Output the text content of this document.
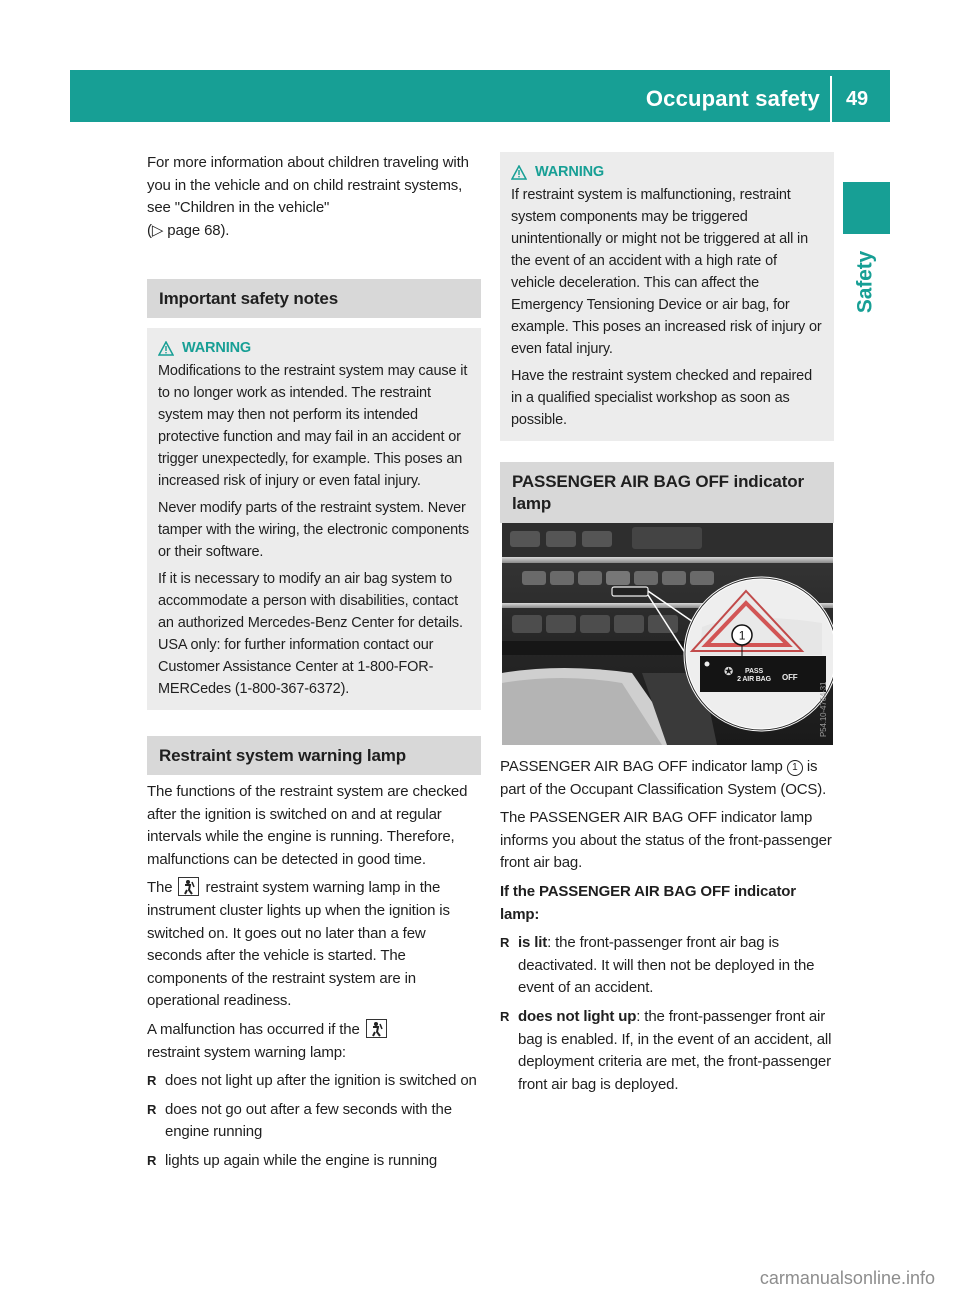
Occupant safety 49
Safety

For more information about children traveling with you in the vehicle and on child restraint systems, see "Children in the vehicle"
(▷ page 68).

Important safety notes
WARNING

Modifications to the restraint system may cause it to no longer work as intended. The restraint system may then not perform its intended protective function and may fail in an accident or trigger unexpectedly, for example. This poses an increased risk of injury or even fatal injury.

Never modify parts of the restraint system. Never tamper with the wiring, the electronic components or their software.

If it is necessary to modify an air bag system to accommodate a person with disabilities, contact an authorized Mercedes-Benz Center for details. USA only: for further information contact our Customer Assistance Center at 1-800-FOR-MERCedes (1-800-367-6372).

Restraint system warning lamp

The functions of the restraint system are checked after the ignition is switched on and at regular intervals while the engine is running. Therefore, malfunctions can be detected in good time.

The restraint system warning lamp in the instrument cluster lights up when the ignition is switched on. It goes out no later than a few seconds after the vehicle is started. The components of the restraint system are in operational readiness.

A malfunction has occurred if the
restraint system warning lamp:

R does not light up after the ignition is switched on
R does not go out after a few seconds with the engine running
R lights up again while the engine is running
WARNING

If restraint system is malfunctioning, restraint system components may be triggered unintentionally or might not be triggered at all in the event of an accident with a high rate of vehicle deceleration. This can affect the Emergency Tensioning Device or air bag, for example. This poses an increased risk of injury or even fatal injury.

Have the restraint system checked and repaired in a qualified specialist workshop as soon as possible.

PASSENGER AIR BAG OFF indicator lamp
1
✪ PASS
2 AIR BAG OFF
P54.10-4764-31

PASSENGER AIR BAG OFF indicator lamp 1 is part of the Occupant Classification System (OCS).

The PASSENGER AIR BAG OFF indicator lamp informs you about the status of the front-passenger front air bag.

If the PASSENGER AIR BAG OFF indicator lamp:

R is lit: the front-passenger front air bag is deactivated. It will then not be deployed in the event of an accident.
R does not light up: the front-passenger front air bag is enabled. If, in the event of an accident, all deployment criteria are met, the front-passenger front air bag is deployed.
carmanualsonline.info
